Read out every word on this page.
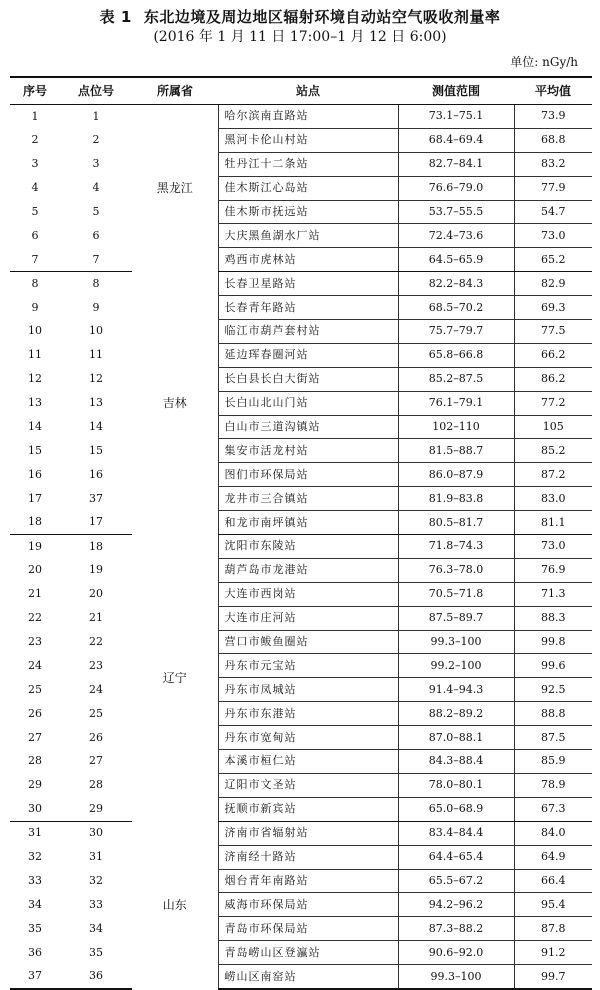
表 1 东北边境及周边地区辐射环境自动站空气吸收剂量率
(2016 年 1 月 11 日 17:00–1 月 12 日 6:00)
单位: nGy/h
序号	点位号	所属省	站点	测值范围	平均值
1	1	黑龙江	哈尔滨南直路站	73.1–75.1	73.9
2	2		黑河卡伦山村站	68.4–69.4	68.8
3	3		牡丹江十二条站	82.7–84.1	83.2
4	4		佳木斯江心岛站	76.6–79.0	77.9
5	5		佳木斯市抚远站	53.7–55.5	54.7
6	6		大庆黑鱼湖水厂站	72.4–73.6	73.0
7	7		鸡西市虎林站	64.5–65.9	65.2
8	8	吉林	长春卫星路站	82.2–84.3	82.9
9	9		长春青年路站	68.5–70.2	69.3
10	10		临江市葫芦套村站	75.7–79.7	77.5
11	11		延边珲春圈河站	65.8–66.8	66.2
12	12		长白县长白大街站	85.2–87.5	86.2
13	13		长白山北山门站	76.1–79.1	77.2
14	14		白山市三道沟镇站	102–110	105
15	15		集安市活龙村站	81.5–88.7	85.2
16	16		图们市环保局站	86.0–87.9	87.2
17	37		龙井市三合镇站	81.9–83.8	83.0
18	17		和龙市南坪镇站	80.5–81.7	81.1
19	18	辽宁	沈阳市东陵站	71.8–74.3	73.0
20	19		葫芦岛市龙港站	76.3–78.0	76.9
21	20		大连市西岗站	70.5–71.8	71.3
22	21		大连市庄河站	87.5–89.7	88.3
23	22		营口市鲅鱼圈站	99.3–100	99.8
24	23		丹东市元宝站	99.2–100	99.6
25	24		丹东市凤城站	91.4–94.3	92.5
26	25		丹东市东港站	88.2–89.2	88.8
27	26		丹东市宽甸站	87.0–88.1	87.5
28	27		本溪市桓仁站	84.3–88.4	85.9
29	28		辽阳市文圣站	78.0–80.1	78.9
30	29		抚顺市新宾站	65.0–68.9	67.3
31	30	山东	济南市省辐射站	83.4–84.4	84.0
32	31		济南经十路站	64.4–65.4	64.9
33	32		烟台青年南路站	65.5–67.2	66.4
34	33		威海市环保局站	94.2–96.2	95.4
35	34		青岛市环保局站	87.3–88.2	87.8
36	35		青岛崂山区登瀛站	90.6–92.0	91.2
37	36		崂山区南窑站	99.3–100	99.7
